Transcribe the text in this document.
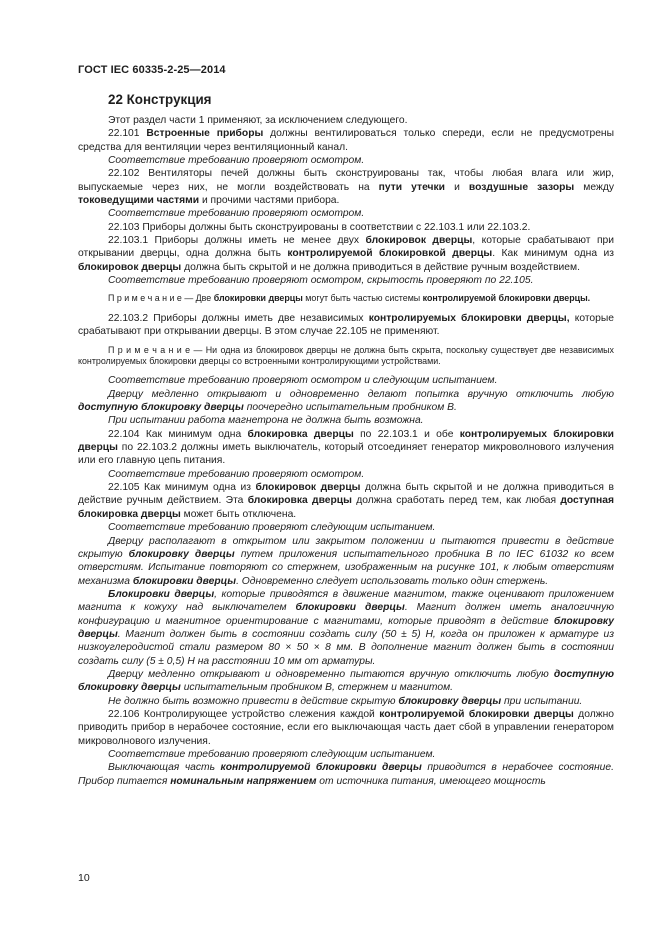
ГОСТ IEC 60335-2-25—2014
22 Конструкция

Этот раздел части 1 применяют, за исключением следующего.

22.101 Встроенные приборы должны вентилироваться только спереди, если не предусмотрены средства для вентиляции через вентиляционный канал.

Соответствие требованию проверяют осмотром.

22.102 Вентиляторы печей должны быть сконструированы так, чтобы любая влага или жир, выпускаемые через них, не могли воздействовать на пути утечки и воздушные зазоры между токоведущими частями и прочими частями прибора.

Соответствие требованию проверяют осмотром.

22.103 Приборы должны быть сконструированы в соответствии с 22.103.1 или 22.103.2.

22.103.1 Приборы должны иметь не менее двух блокировок дверцы, которые срабатывают при открывании дверцы, одна должна быть контролируемой блокировкой дверцы. Как минимум одна из блокировок дверцы должна быть скрытой и не должна приводиться в действие ручным воздействием.

Соответствие требованию проверяют осмотром, скрытость проверяют по 22.105.

П р и м е ч а н и е — Две блокировки дверцы могут быть частью системы контролируемой блокировки дверцы.

22.103.2 Приборы должны иметь две независимых контролируемых блокировки дверцы, которые срабатывают при открывании дверцы. В этом случае 22.105 не применяют.

П р и м е ч а н и е — Ни одна из блокировок дверцы не должна быть скрыта, поскольку существует две независимых контролируемых блокировки дверцы со встроенными контролирующими устройствами.

Соответствие требованию проверяют осмотром и следующим испытанием.

Дверцу медленно открывают и одновременно делают попытка вручную отключить любую доступную блокировку дверцы поочередно испытательным пробником В.

При испытании работа магнетрона не должна быть возможна.

22.104 Как минимум одна блокировка дверцы по 22.103.1 и обе контролируемых блокировки дверцы по 22.103.2 должны иметь выключатель, который отсоединяет генератор микроволнового излучения или его главную цепь питания.

Соответствие требованию проверяют осмотром.

22.105 Как минимум одна из блокировок дверцы должна быть скрытой и не должна приводиться в действие ручным действием. Эта блокировка дверцы должна сработать перед тем, как любая доступная блокировка дверцы может быть отключена.

Соответствие требованию проверяют следующим испытанием.

Дверцу располагают в открытом или закрытом положении и пытаются привести в действие скрытую блокировку дверцы путем приложения испытательного пробника В по IEC 61032 ко всем отверстиям. Испытание повторяют со стержнем, изображенным на рисунке 101, к любым отверстиям механизма блокировки дверцы. Одновременно следует использовать только один стержень.

Блокировки дверцы, которые приводятся в движение магнитом, также оценивают приложением магнита к кожуху над выключателем блокировки дверцы. Магнит должен иметь аналогичную конфигурацию и магнитное ориентирование с магнитами, которые приводят в действие блокировку дверцы. Магнит должен быть в состоянии создать силу (50 ± 5) Н, когда он приложен к арматуре из низкоуглеродистой стали размером 80 × 50 × 8 мм. В дополнение магнит должен быть в состоянии создать силу (5 ± 0,5) Н на расстоянии 10 мм от арматуры.

Дверцу медленно открывают и одновременно пытаются вручную отключить любую доступную блокировку дверцы испытательным пробником В, стержнем и магнитом.

Не должно быть возможно привести в действие скрытую блокировку дверцы при испытании.

22.106 Контролирующее устройство слежения каждой контролируемой блокировки дверцы должно приводить прибор в нерабочее состояние, если его выключающая часть дает сбой в управлении генератором микроволнового излучения.

Соответствие требованию проверяют следующим испытанием.

Выключающая часть контролируемой блокировки дверцы приводится в нерабочее состояние. Прибор питается номинальным напряжением от источника питания, имеющего мощность

10
